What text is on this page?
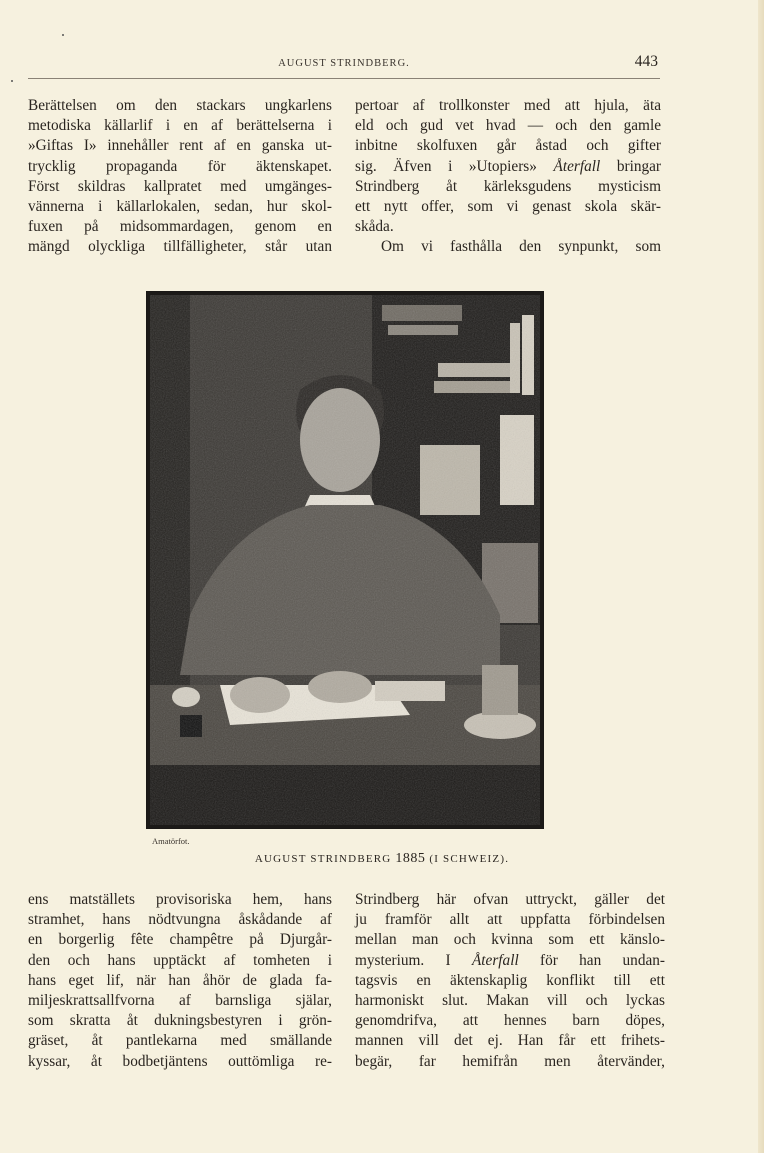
AUGUST STRINDBERG.	443
Berättelsen om den stackars ungkarlens
metodiska källarlif i en af berättelserna i
»Giftas I» innehåller rent af en ganska ut-
trycklig propaganda för äktenskapet.
Först skildras kallpratet med umgänges-
vännerna i källarlokalen, sedan, hur skol-
fuxen på midsommardagen, genom en
mängd olyckliga tillfälligheter, står utan
pertoar af trollkonster med att hjula, äta
eld och gud vet hvad — och den gamle
inbitne skolfuxen går åstad och gifter
sig. Äfven i »Utopiers» Återfall bringar
Strindberg åt kärleksgudens mysticism
ett nytt offer, som vi genast skola skär-
skåda.
Om vi fasthålla den synpunkt, som
Amatörfot.
AUGUST STRINDBERG 1885 (I SCHWEIZ).
ens matställets provisoriska hem, hans
stramhet, hans nödtvungna åskådande af
en borgerlig fête champêtre på Djurgår-
den och hans upptäckt af tomheten i
hans eget lif, när han åhör de glada fa-
miljeskrattsallfvorna af barnsliga själar,
som skratta åt dukningsbestyren i grön-
gräset, åt pantlekarna med smällande
kyssar, åt bodbetjäntens outtömliga re-
Strindberg här ofvan uttryckt, gäller det
ju framför allt att uppfatta förbindelsen
mellan man och kvinna som ett känslo-
mysterium. I Återfall för han undan-
tagsvis en äktenskaplig konflikt till ett
harmoniskt slut. Makan vill och lyckas
genomdrifva, att hennes barn döpes,
mannen vill det ej. Han får ett frihets-
begär, far hemifrån men återvänder,
